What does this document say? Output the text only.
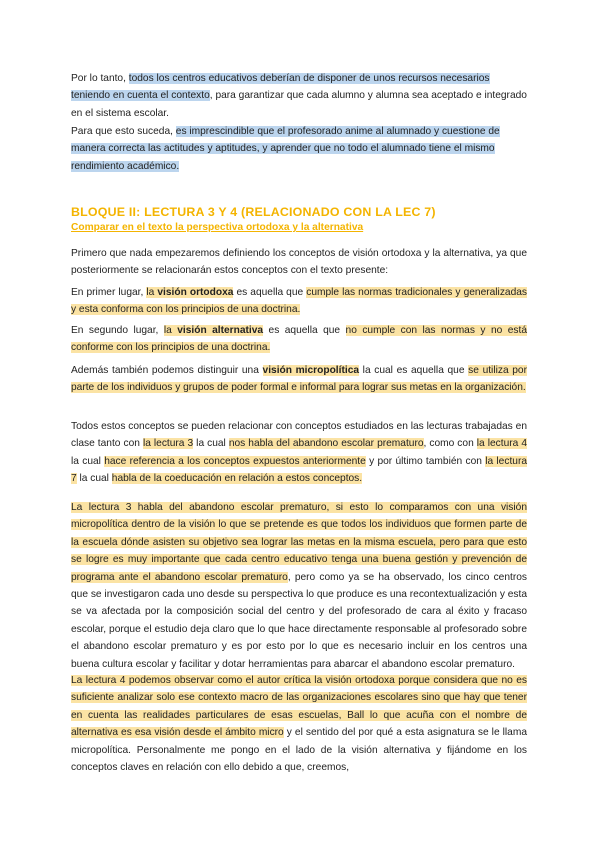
Por lo tanto, todos los centros educativos deberían de disponer de unos recursos necesarios teniendo en cuenta el contexto, para garantizar que cada alumno y alumna sea aceptado e integrado en el sistema escolar.

Para que esto suceda, es imprescindible que el profesorado anime al alumnado y cuestione de manera correcta las actitudes y aptitudes, y aprender que no todo el alumnado tiene el mismo rendimiento académico.

BLOQUE II: LECTURA 3 Y 4 (RELACIONADO CON LA LEC 7)
Comparar en el texto la perspectiva ortodoxa y la alternativa

Primero que nada empezaremos definiendo los conceptos de visión ortodoxa y la alternativa, ya que posteriormente se relacionarán estos conceptos con el texto presente:

En primer lugar, la visión ortodoxa es aquella que cumple las normas tradicionales y generalizadas y esta conforma con los principios de una doctrina.

En segundo lugar, la visión alternativa es aquella que no cumple con las normas y no está conforme con los principios de una doctrina.

Además también podemos distinguir una visión micropolítica la cual es aquella que se utiliza por parte de los individuos y grupos de poder formal e informal para lograr sus metas en la organización.

Todos estos conceptos se pueden relacionar con conceptos estudiados en las lecturas trabajadas en clase tanto con la lectura 3 la cual nos habla del abandono escolar prematuro, como con la lectura 4 la cual hace referencia a los conceptos expuestos anteriormente y por último también con la lectura 7 la cual habla de la coeducación en relación a estos conceptos.

La lectura 3 habla del abandono escolar prematuro, si esto lo comparamos con una visión micropolítica dentro de la visión lo que se pretende es que todos los individuos que formen parte de la escuela dónde asisten su objetivo sea lograr las metas en la misma escuela, pero para que esto se logre es muy importante que cada centro educativo tenga una buena gestión y prevención de programa ante el abandono escolar prematuro, pero como ya se ha observado, los cinco centros que se investigaron cada uno desde su perspectiva lo que produce es una recontextualización y esta se va afectada por la composición social del centro y del profesorado de cara al éxito y fracaso escolar, porque el estudio deja claro que lo que hace directamente responsable al profesorado sobre el abandono escolar prematuro y es por esto por lo que es necesario incluir en los centros una buena cultura escolar y facilitar y dotar herramientas para abarcar el abandono escolar prematuro.

La lectura 4 podemos observar como el autor crítica la visión ortodoxa porque considera que no es suficiente analizar solo ese contexto macro de las organizaciones escolares sino que hay que tener en cuenta las realidades particulares de esas escuelas, Ball lo que acuña con el nombre de alternativa es esa visión desde el ámbito micro y el sentido del por qué a esta asignatura se le llama micropolítica. Personalmente me pongo en el lado de la visión alternativa y fijándome en los conceptos claves en relación con ello debido a que, creemos,
